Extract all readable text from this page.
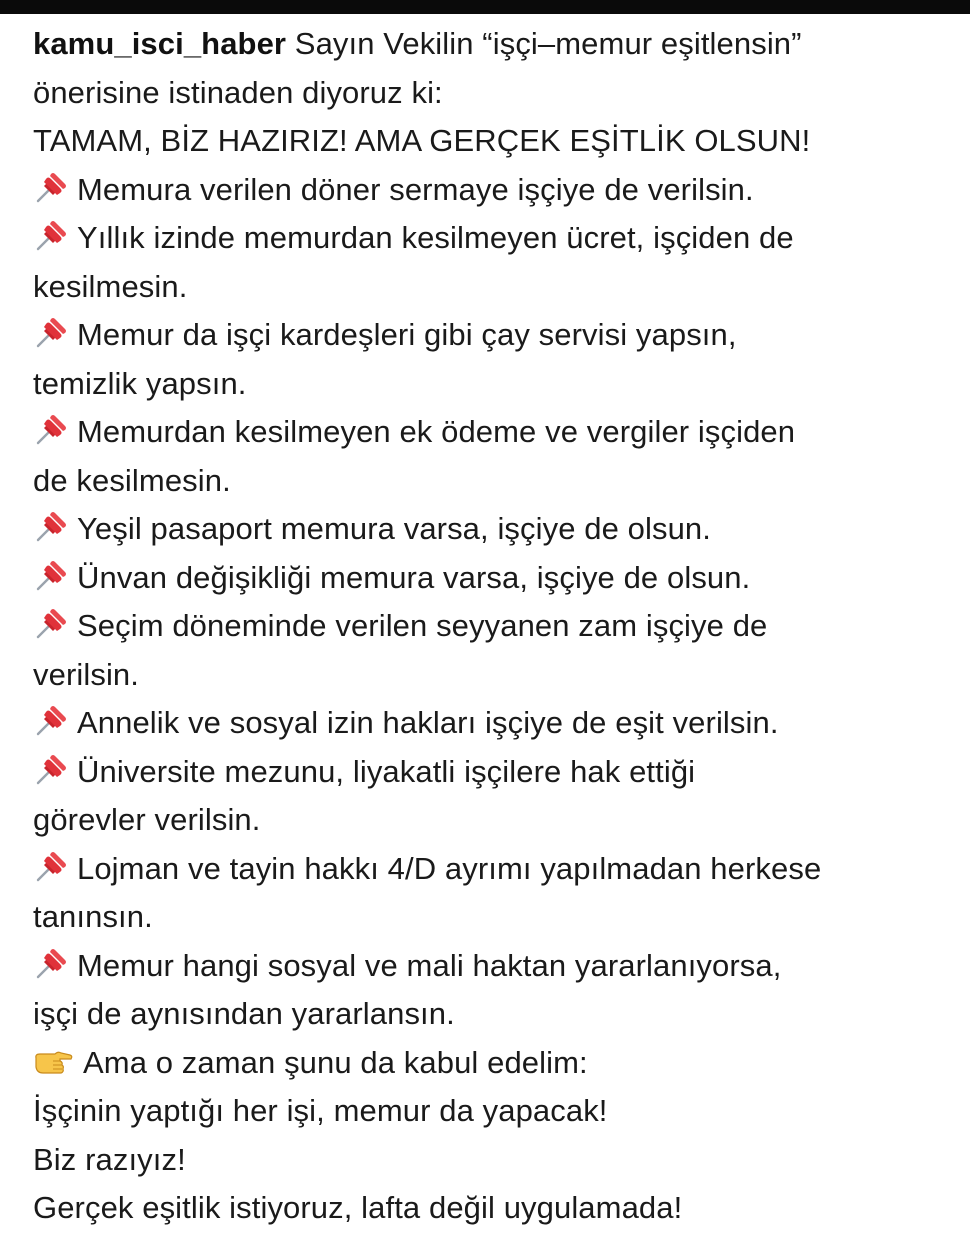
kamu_isci_haber Sayın Vekilin “işçi–memur eşitlensin”
önerisine istinaden diyoruz ki:
TAMAM, BİZ HAZIRIZ! AMA GERÇEK EŞİTLİK OLSUN!
Memura verilen döner sermaye işçiye de verilsin.
Yıllık izinde memurdan kesilmeyen ücret, işçiden de
kesilmesin.
Memur da işçi kardeşleri gibi çay servisi yapsın,
temizlik yapsın.
Memurdan kesilmeyen ek ödeme ve vergiler işçiden
de kesilmesin.
Yeşil pasaport memura varsa, işçiye de olsun.
Ünvan değişikliği memura varsa, işçiye de olsun.
Seçim döneminde verilen seyyanen zam işçiye de
verilsin.
Annelik ve sosyal izin hakları işçiye de eşit verilsin.
Üniversite mezunu, liyakatli işçilere hak ettiği
görevler verilsin.
Lojman ve tayin hakkı 4/D ayrımı yapılmadan herkese
tanınsın.
Memur hangi sosyal ve mali haktan yararlanıyorsa,
işçi de aynısından yararlansın.
Ama o zaman şunu da kabul edelim:
İşçinin yaptığı her işi, memur da yapacak!
Biz razıyız!
Gerçek eşitlik istiyoruz, lafta değil uygulamada!
